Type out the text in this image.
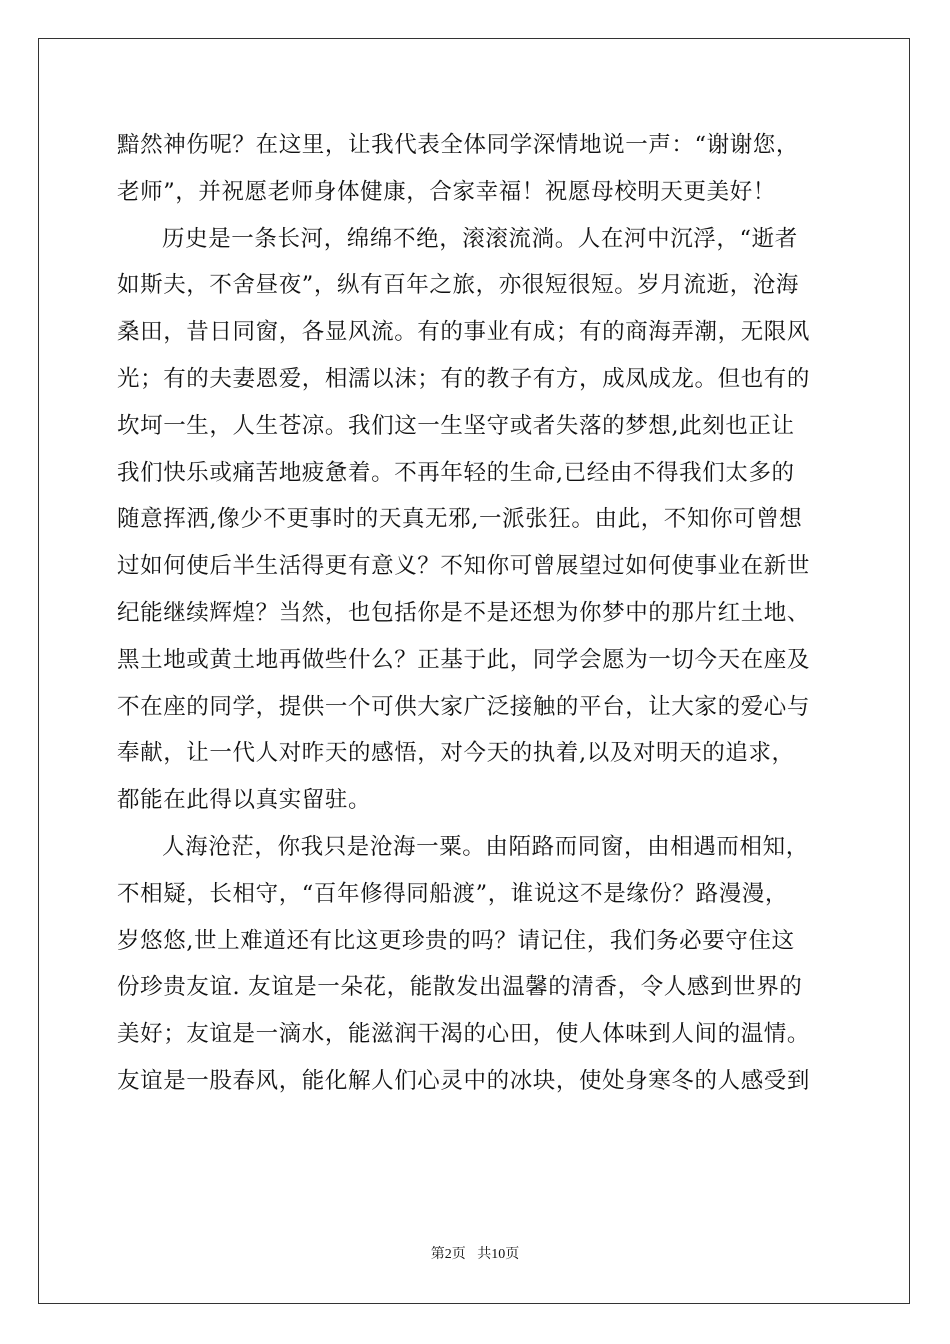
黯然神伤呢？在这里，让我代表全体同学深情地说一声：“谢谢您，
老师”，并祝愿老师身体健康，合家幸福！祝愿母校明天更美好！
历史是一条长河，绵绵不绝，滚滚流淌。人在河中沉浮，“逝者
如斯夫，不舍昼夜”，纵有百年之旅，亦很短很短。岁月流逝，沧海
桑田，昔日同窗，各显风流。有的事业有成；有的商海弄潮，无限风
光；有的夫妻恩爱，相濡以沫；有的教子有方，成凤成龙。但也有的
坎坷一生，人生苍凉。我们这一生坚守或者失落的梦想,此刻也正让
我们快乐或痛苦地疲惫着。不再年轻的生命,已经由不得我们太多的
随意挥洒,像少不更事时的天真无邪,一派张狂。由此，不知你可曾想
过如何使后半生活得更有意义？不知你可曾展望过如何使事业在新世
纪能继续辉煌？当然，也包括你是不是还想为你梦中的那片红土地、
黑土地或黄土地再做些什么？正基于此，同学会愿为一切今天在座及
不在座的同学，提供一个可供大家广泛接触的平台，让大家的爱心与
奉献，让一代人对昨天的感悟，对今天的执着,以及对明天的追求，
都能在此得以真实留驻。
人海沧茫，你我只是沧海一粟。由陌路而同窗，由相遇而相知，
不相疑，长相守，“百年修得同船渡”，谁说这不是缘份？路漫漫，
岁悠悠,世上难道还有比这更珍贵的吗？请记住，我们务必要守住这
份珍贵友谊. 友谊是一朵花，能散发出温馨的清香，令人感到世界的
美好；友谊是一滴水，能滋润干渴的心田，使人体味到人间的温情。
友谊是一股春风，能化解人们心灵中的冰块，使处身寒冬的人感受到
第2页 共10页
